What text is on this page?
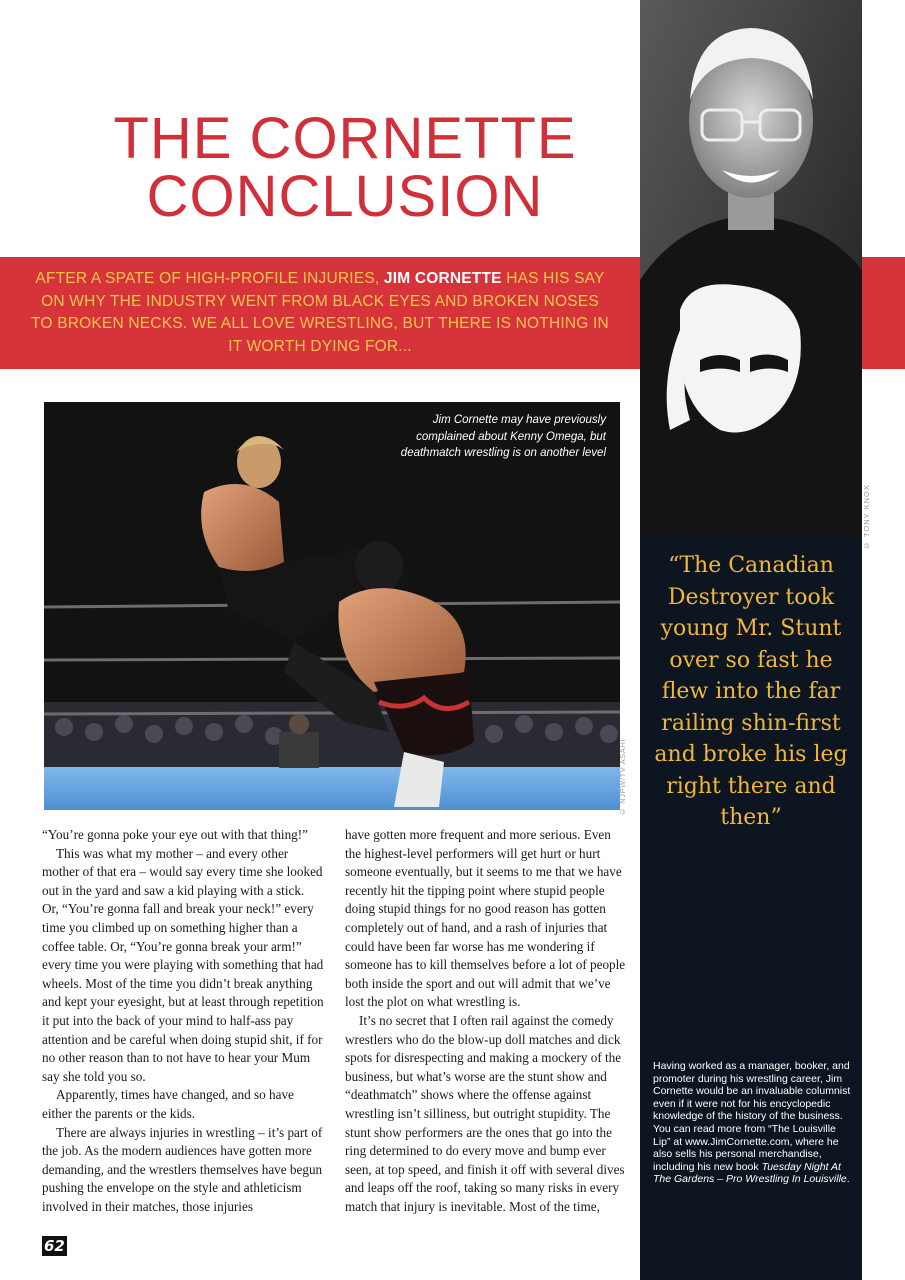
THE CORNETTE
CONCLUSION

AFTER A SPATE OF HIGH-PROFILE INJURIES, JIM CORNETTE HAS HIS SAY ON WHY THE INDUSTRY WENT FROM BLACK EYES AND BROKEN NOSES TO BROKEN NECKS. WE ALL LOVE WRESTLING, BUT THERE IS NOTHING IN IT WORTH DYING FOR...

© TONY KNOX

“The Canadian Destroyer took young Mr. Stunt over so fast he flew into the far railing shin-first and broke his leg right there and then”

Having worked as a manager, booker, and promoter during his wrestling career, Jim Cornette would be an invaluable columnist even if it were not for his encyclopedic knowledge of the history of the business. You can read more from “The Louisville Lip” at www.JimCornette.com, where he also sells his personal merchandise, including his new book Tuesday Night At The Gardens – Pro Wrestling In Louisville.

Jim Cornette may have previously complained about Kenny Omega, but deathmatch wrestling is on another level

© NJPW/TV ASAHI

“You’re gonna poke your eye out with that thing!”

This was what my mother – and every other mother of that era – would say every time she looked out in the yard and saw a kid playing with a stick. Or, “You’re gonna fall and break your neck!” every time you climbed up on something higher than a coffee table. Or, “You’re gonna break your arm!” every time you were playing with something that had wheels. Most of the time you didn’t break anything and kept your eyesight, but at least through repetition it put into the back of your mind to half-ass pay attention and be careful when doing stupid shit, if for no other reason than to not have to hear your Mum say she told you so.

Apparently, times have changed, and so have either the parents or the kids.

There are always injuries in wrestling – it’s part of the job. As the modern audiences have gotten more demanding, and the wrestlers themselves have begun pushing the envelope on the style and athleticism involved in their matches, those injuries

have gotten more frequent and more serious. Even the highest-level performers will get hurt or hurt someone eventually, but it seems to me that we have recently hit the tipping point where stupid people doing stupid things for no good reason has gotten completely out of hand, and a rash of injuries that could have been far worse has me wondering if someone has to kill themselves before a lot of people both inside the sport and out will admit that we’ve lost the plot on what wrestling is.

It’s no secret that I often rail against the comedy wrestlers who do the blow-up doll matches and dick spots for disrespecting and making a mockery of the business, but what’s worse are the stunt show and “deathmatch” shows where the offense against wrestling isn’t silliness, but outright stupidity. The stunt show performers are the ones that go into the ring determined to do every move and bump ever seen, at top speed, and finish it off with several dives and leaps off the roof, taking so many risks in every match that injury is inevitable. Most of the time,

62
